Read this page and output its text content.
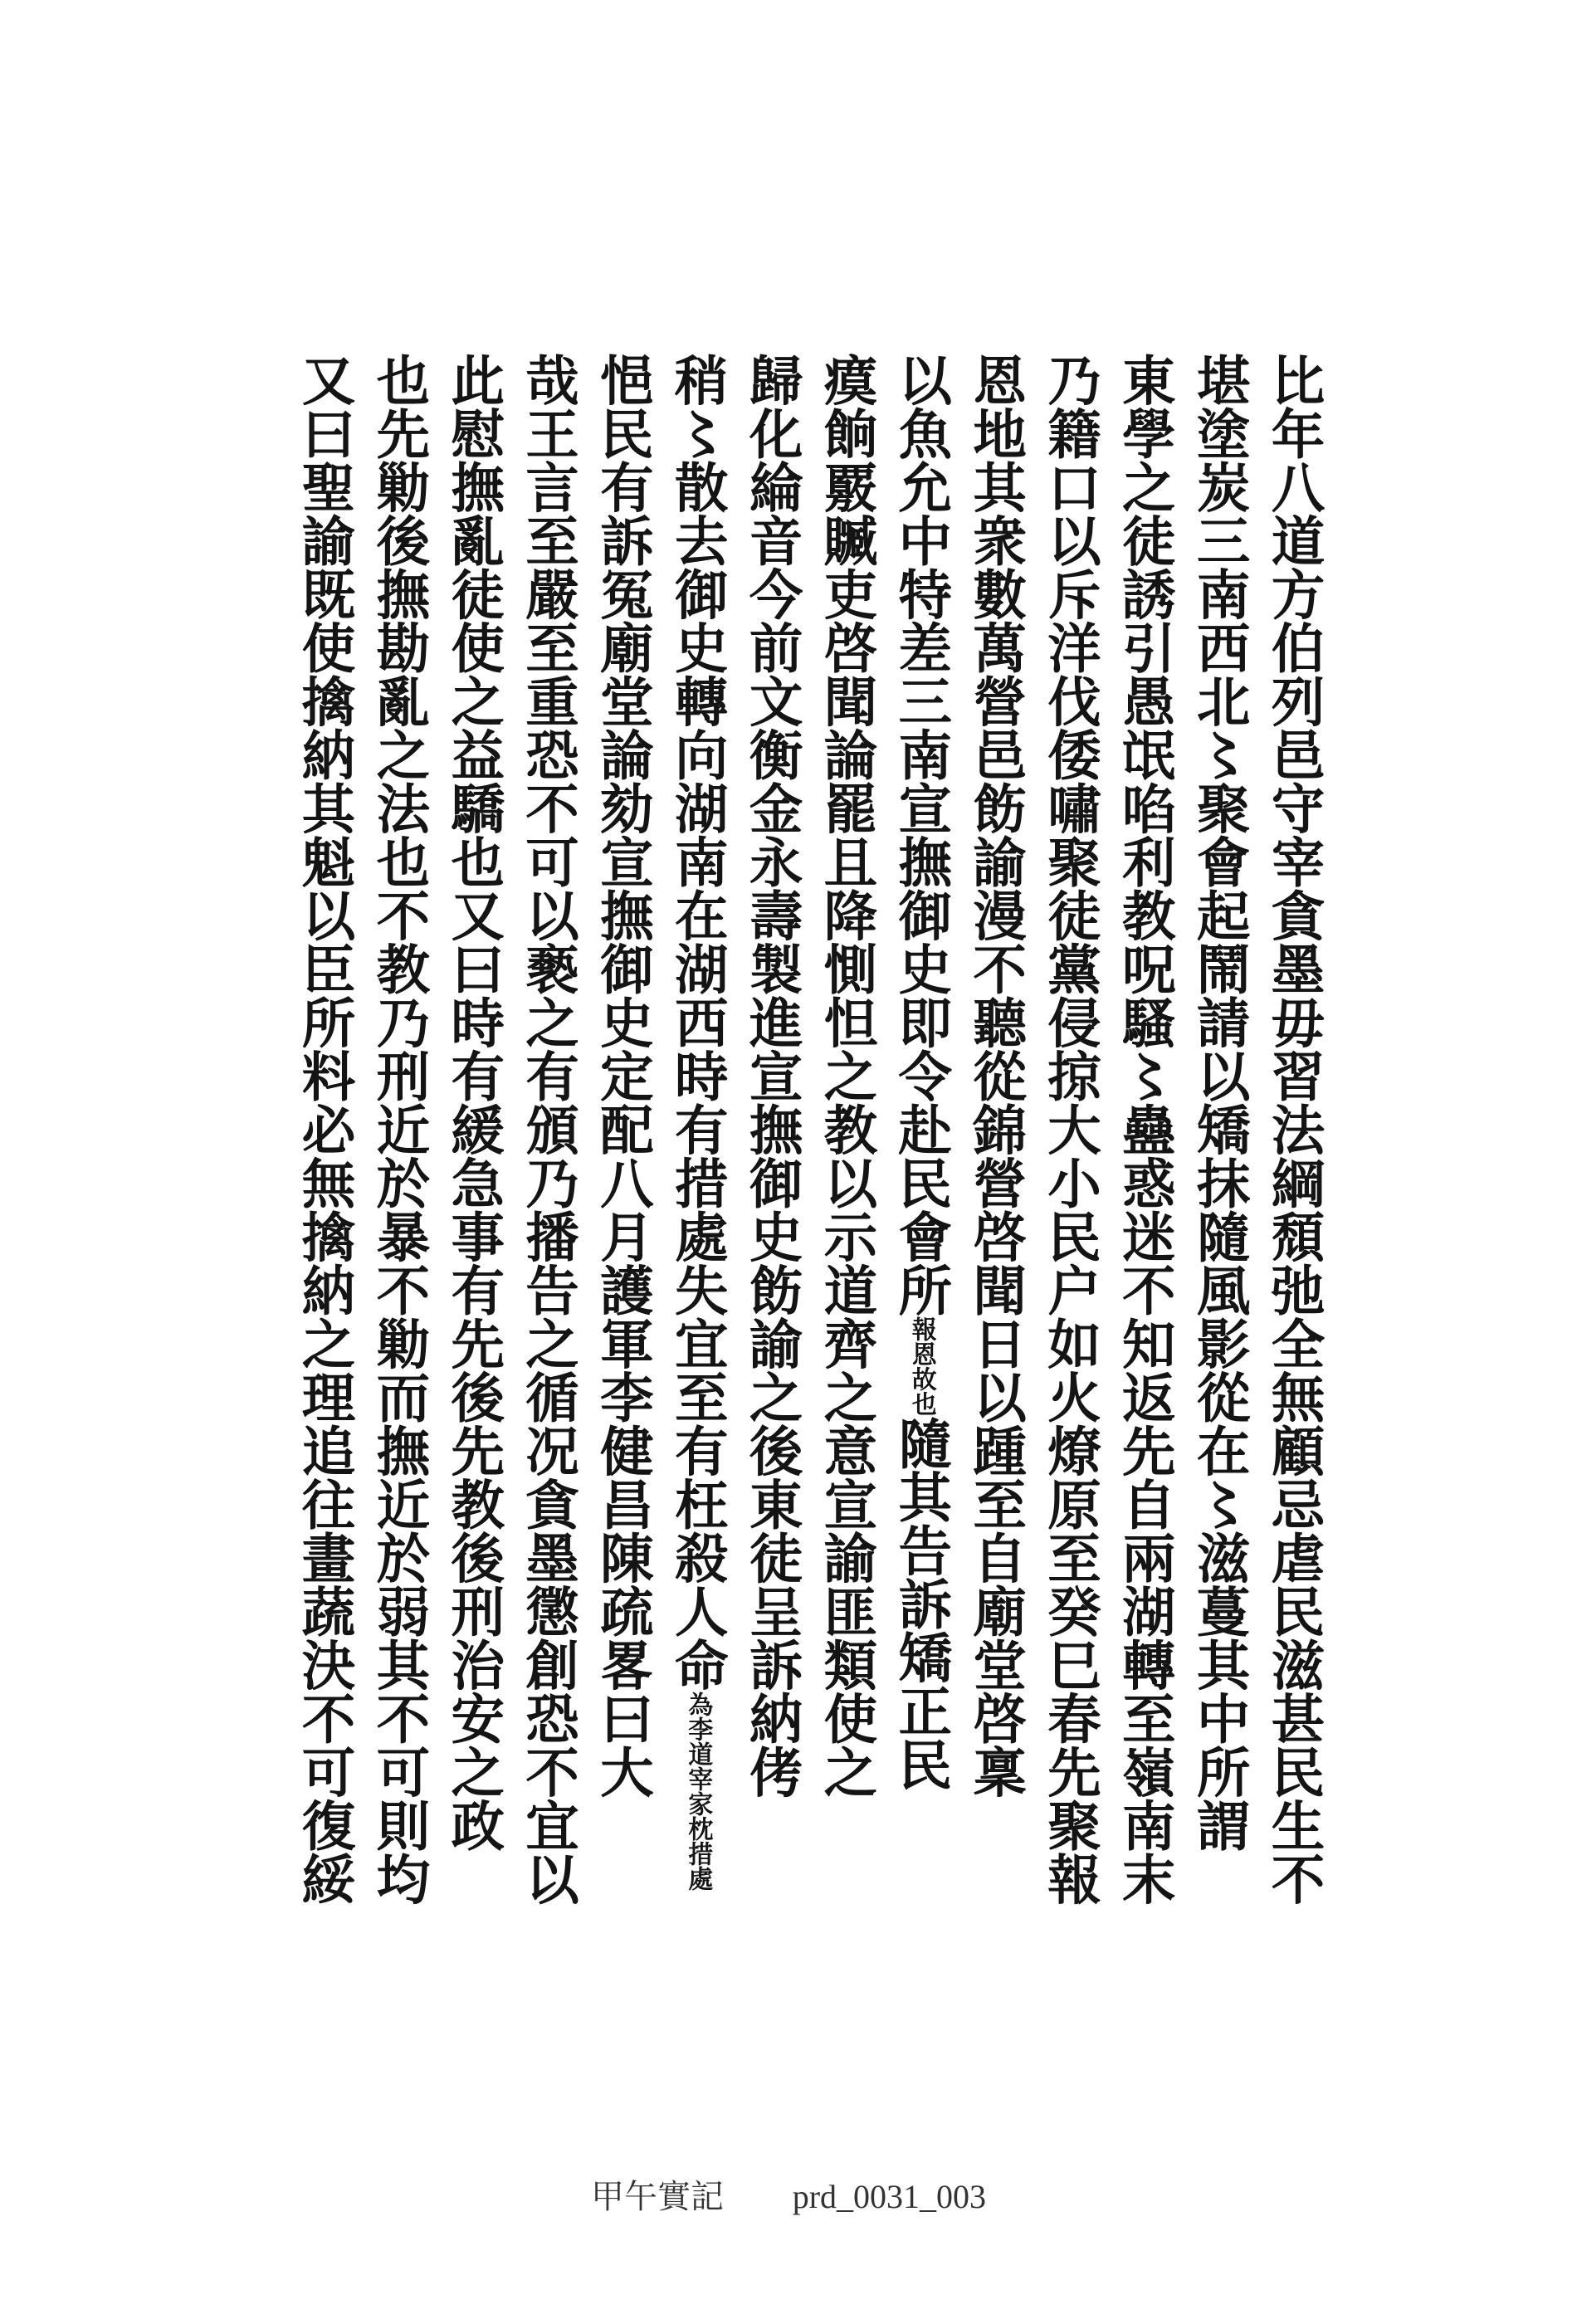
比年八道方伯列邑守宰貪墨毋習法綱頹弛全無顧忌虐民滋甚民生不
堪塗炭三南西北〻聚會起鬧請以矯抹隨風影從在〻滋蔓其中所謂
東學之徒誘引愚氓啗利教呪騷〻蠱惑迷不知返先自兩湖轉至嶺南末
乃籍口以斥洋伐倭嘯聚徒黨侵掠大小民户如火燎原至癸巳春先聚報
恩地其衆數萬營邑飭諭漫不聽從錦營啓聞日以踵至自廟堂啓稟
以魚允中特差三南宣撫御史即令赴民會所報恩故也隨其告訴矯正民
瘼餉覈贓吏啓聞論罷且降惻怛之教以示道齊之意宣諭匪類使之
歸化綸音今前文衡金永壽製進宣撫御史飭諭之後東徒呈訴納侤
稍〻散去御史轉向湖南在湖西時有措處失宜至有枉殺人命為李道宰家枕措處
悒民有訴冤廟堂論劾宣撫御史定配八月護軍李健昌陳疏畧曰大
哉王言至嚴至重恐不可以褻之有頒乃播告之循况貪墨懲創恐不宜以
此慰撫亂徒使之益驕也又曰時有緩急事有先後先教後刑治安之政
也先勦後撫勘亂之法也不教乃刑近於暴不勦而撫近於弱其不可則均
又曰聖諭既使擒納其魁以臣所料必無擒納之理追往畫蔬決不可復綏
甲午實記 prd_0031_003
